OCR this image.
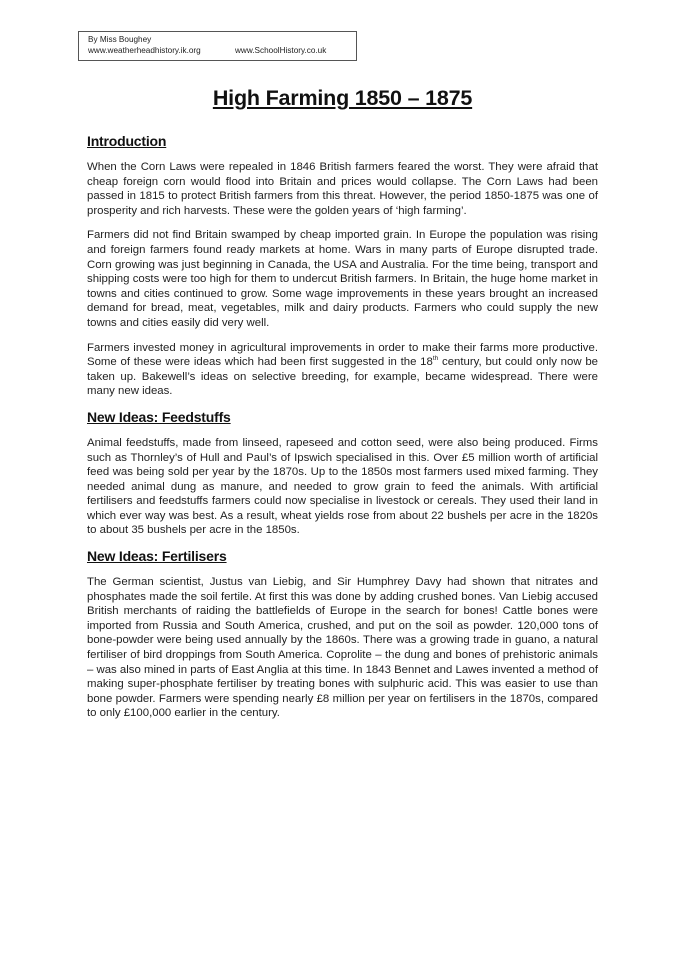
By Miss Boughey
www.weatherheadhistory.ik.org	www.SchoolHistory.co.uk
High Farming 1850 – 1875
Introduction

When the Corn Laws were repealed in 1846 British farmers feared the worst. They were afraid that cheap foreign corn would flood into Britain and prices would collapse. The Corn Laws had been passed in 1815 to protect British farmers from this threat. However, the period 1850-1875 was one of prosperity and rich harvests. These were the golden years of ‘high farming’.

Farmers did not find Britain swamped by cheap imported grain. In Europe the population was rising and foreign farmers found ready markets at home. Wars in many parts of Europe disrupted trade. Corn growing was just beginning in Canada, the USA and Australia. For the time being, transport and shipping costs were too high for them to undercut British farmers. In Britain, the huge home market in towns and cities continued to grow. Some wage improvements in these years brought an increased demand for bread, meat, vegetables, milk and dairy products. Farmers who could supply the new towns and cities easily did very well.

Farmers invested money in agricultural improvements in order to make their farms more productive. Some of these were ideas which had been first suggested in the 18th century, but could only now be taken up. Bakewell’s ideas on selective breeding, for example, became widespread. There were many new ideas.

New Ideas: Feedstuffs

Animal feedstuffs, made from linseed, rapeseed and cotton seed, were also being produced. Firms such as Thornley’s of Hull and Paul’s of Ipswich specialised in this. Over £5 million worth of artificial feed was being sold per year by the 1870s. Up to the 1850s most farmers used mixed farming. They needed animal dung as manure, and needed to grow grain to feed the animals. With artificial fertilisers and feedstuffs farmers could now specialise in livestock or cereals. They used their land in which ever way was best. As a result, wheat yields rose from about 22 bushels per acre in the 1820s to about 35 bushels per acre in the 1850s.

New Ideas: Fertilisers

The German scientist, Justus van Liebig, and Sir Humphrey Davy had shown that nitrates and phosphates made the soil fertile. At first this was done by adding crushed bones. Van Liebig accused British merchants of raiding the battlefields of Europe in the search for bones! Cattle bones were imported from Russia and South America, crushed, and put on the soil as powder. 120,000 tons of bone-powder were being used annually by the 1860s. There was a growing trade in guano, a natural fertiliser of bird droppings from South America. Coprolite – the dung and bones of prehistoric animals – was also mined in parts of East Anglia at this time. In 1843 Bennet and Lawes invented a method of making super-phosphate fertiliser by treating bones with sulphuric acid. This was easier to use than bone powder. Farmers were spending nearly £8 million per year on fertilisers in the 1870s, compared to only £100,000 earlier in the century.
